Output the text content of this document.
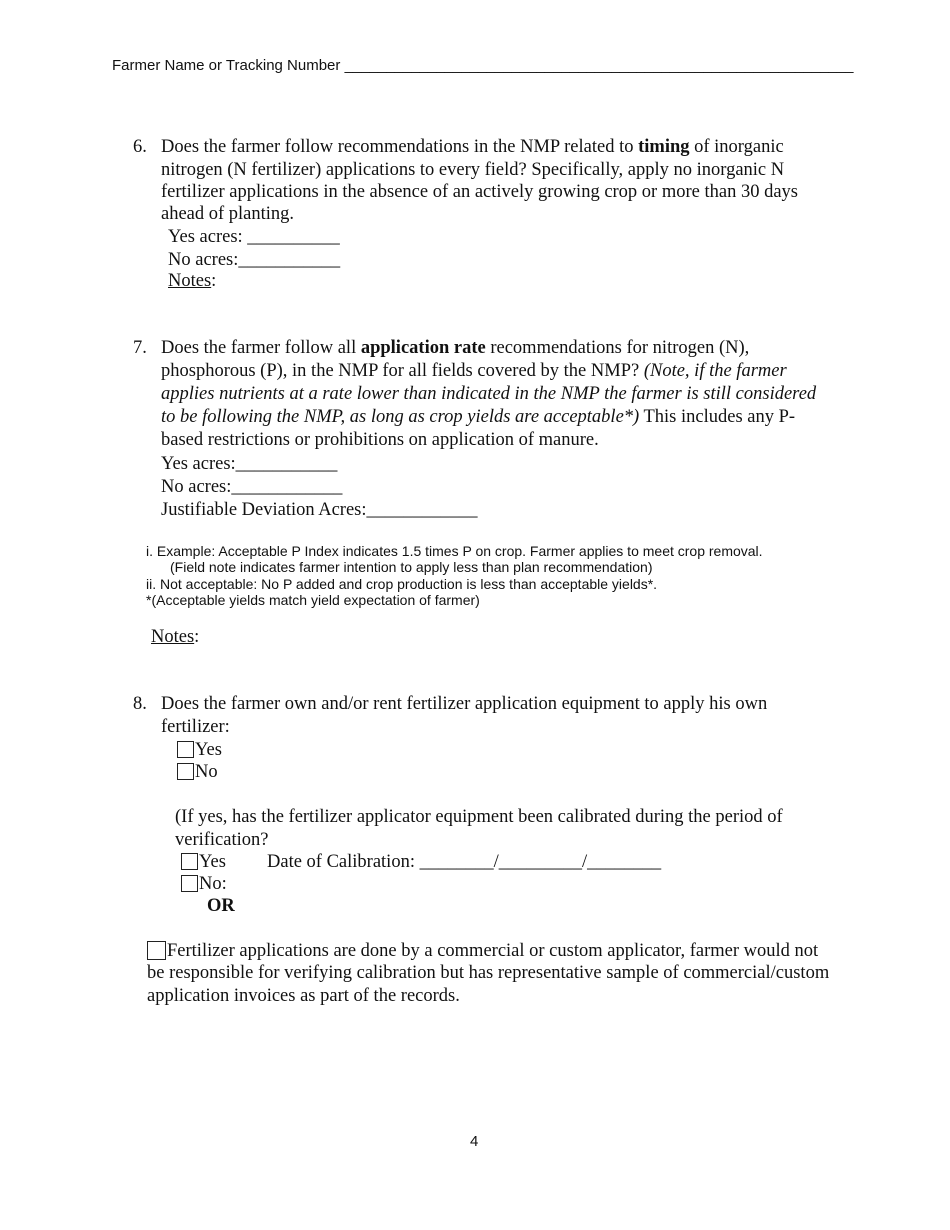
Farmer Name or Tracking Number _____________________________________________________________
6. Does the farmer follow recommendations in the NMP related to timing of inorganic
nitrogen (N fertilizer) applications to every field? Specifically, apply no inorganic N
fertilizer applications in the absence of an actively growing crop or more than 30 days
ahead of planting.
Yes acres: __________
No acres:___________
Notes:
7. Does the farmer follow all application rate recommendations for nitrogen (N),
phosphorous (P), in the NMP for all fields covered by the NMP? (Note, if the farmer
applies nutrients at a rate lower than indicated in the NMP the farmer is still considered
to be following the NMP, as long as crop yields are acceptable*) This includes any P-
based restrictions or prohibitions on application of manure.
Yes acres:___________
No acres:____________
Justifiable Deviation Acres:____________
i. Example: Acceptable P Index indicates 1.5 times P on crop. Farmer applies to meet crop removal.
(Field note indicates farmer intention to apply less than plan recommendation)
ii. Not acceptable: No P added and crop production is less than acceptable yields*.
*(Acceptable yields match yield expectation of farmer)
Notes:
8. Does the farmer own and/or rent fertilizer application equipment to apply his own
fertilizer:
Yes
No
(If yes, has the fertilizer applicator equipment been calibrated during the period of
verification?
Yes Date of Calibration: ________/_________/________
No:
OR
Fertilizer applications are done by a commercial or custom applicator, farmer would not
be responsible for verifying calibration but has representative sample of commercial/custom
application invoices as part of the records.
4
